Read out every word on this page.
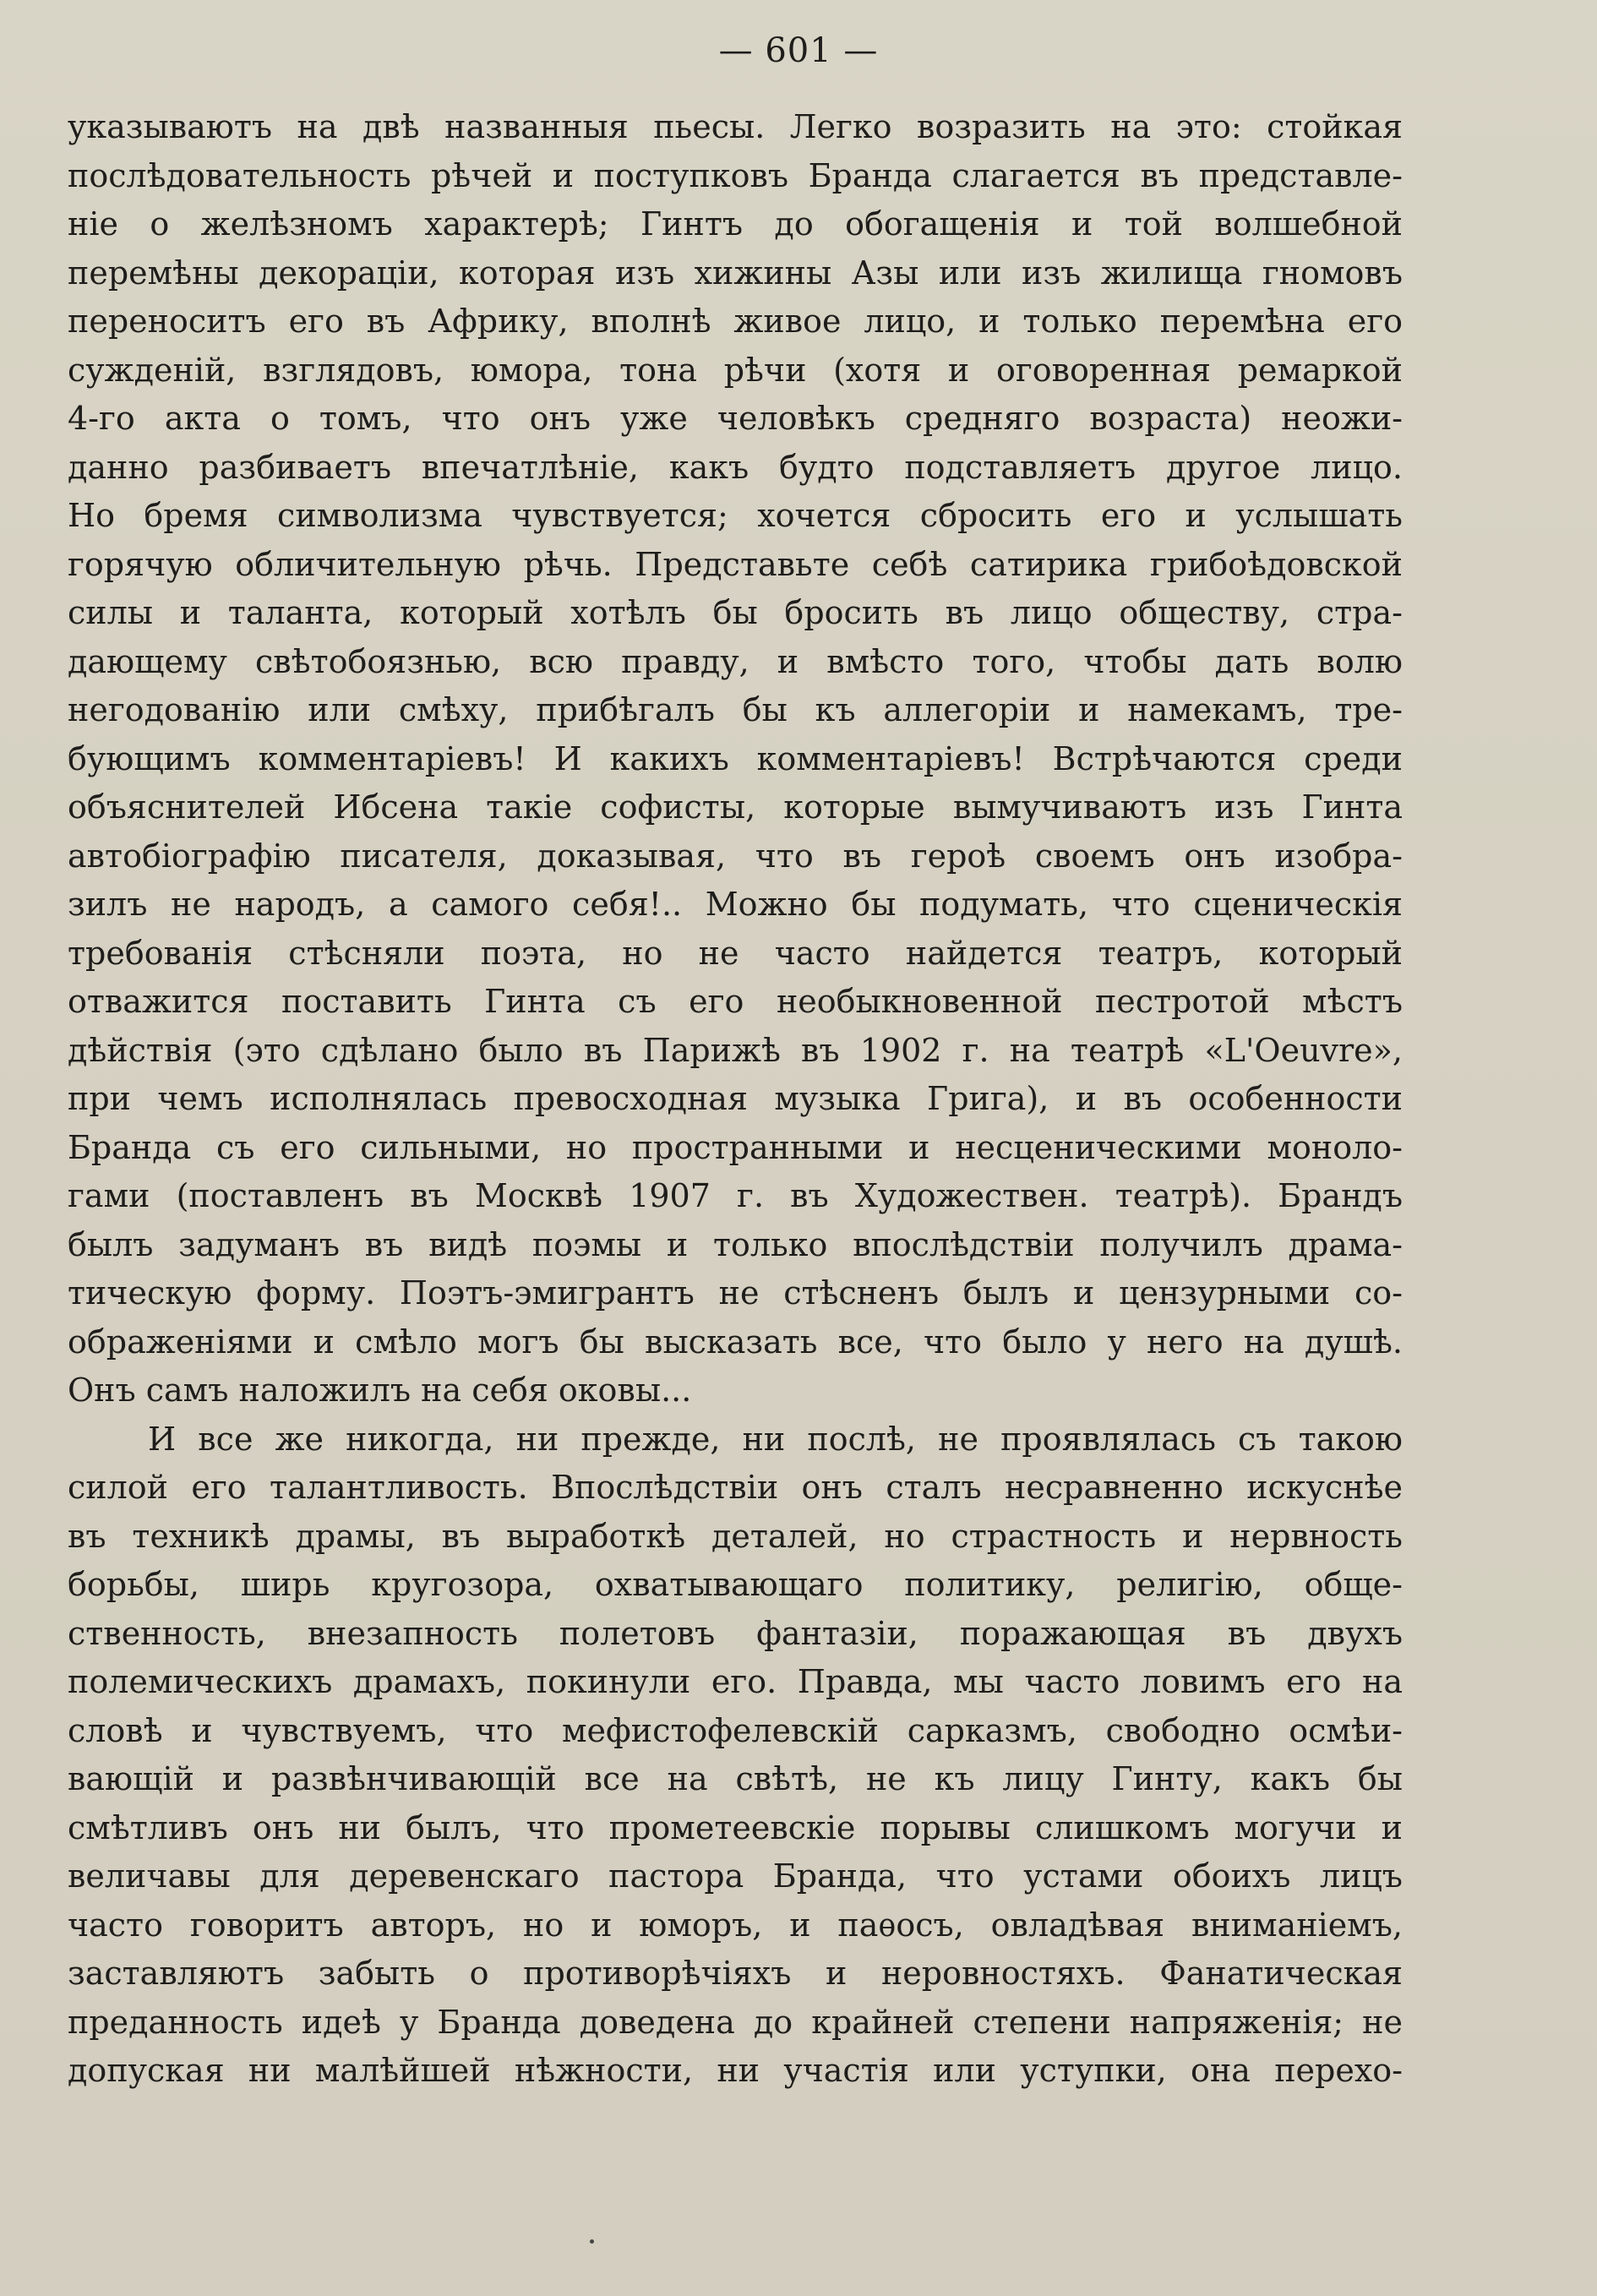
— 601 —
указываютъ на двѣ названныя пьесы. Легко возразить на это: стойкая
послѣдовательность рѣчей и поступковъ Бранда слагается въ представле-
ніе о желѣзномъ характерѣ; Гинтъ до обогащенія и той волшебной
перемѣны декораціи, которая изъ хижины Азы или изъ жилища гномовъ
переноситъ его въ Африку, вполнѣ живое лицо, и только перемѣна его
сужденій, взглядовъ, юмора, тона рѣчи (хотя и оговоренная ремаркой
4-го акта о томъ, что онъ уже человѣкъ средняго возраста) неожи-
данно разбиваетъ впечатлѣніе, какъ будто подставляетъ другое лицо.
Но бремя символизма чувствуется; хочется сбросить его и услышать
горячую обличительную рѣчь. Представьте себѣ сатирика грибоѣдовской
силы и таланта, который хотѣлъ бы бросить въ лицо обществу, стра-
дающему свѣтобоязнью, всю правду, и вмѣсто того, чтобы дать волю
негодованію или смѣху, прибѣгалъ бы къ аллегоріи и намекамъ, тре-
бующимъ комментаріевъ! И какихъ комментаріевъ! Встрѣчаются среди
объяснителей Ибсена такіе софисты, которые вымучиваютъ изъ Гинта
автобіографію писателя, доказывая, что въ героѣ своемъ онъ изобра-
зилъ не народъ, а самого себя!.. Можно бы подумать, что сценическія
требованія стѣсняли поэта, но не часто найдется театръ, который
отважится поставить Гинта съ его необыкновенной пестротой мѣстъ
дѣйствія (это сдѣлано было въ Парижѣ въ 1902 г. на театрѣ «L'Oeuvre»,
при чемъ исполнялась превосходная музыка Грига), и въ особенности
Бранда съ его сильными, но пространными и несценическими моноло-
гами (поставленъ въ Москвѣ 1907 г. въ Художествен. театрѣ). Брандъ
былъ задуманъ въ видѣ поэмы и только впослѣдствіи получилъ драма-
тическую форму. Поэтъ-эмигрантъ не стѣсненъ былъ и цензурными со-
ображеніями и смѣло могъ бы высказать все, что было у него на душѣ.
Онъ самъ наложилъ на себя оковы...
И все же никогда, ни прежде, ни послѣ, не проявлялась съ такою
силой его талантливость. Впослѣдствіи онъ сталъ несравненно искуснѣе
въ техникѣ драмы, въ выработкѣ деталей, но страстность и нервность
борьбы, ширь кругозора, охватывающаго политику, религію, обще-
ственность, внезапность полетовъ фантазіи, поражающая въ двухъ
полемическихъ драмахъ, покинули его. Правда, мы часто ловимъ его на
словѣ и чувствуемъ, что мефистофелевскій сарказмъ, свободно осмѣи-
вающій и развѣнчивающій все на свѣтѣ, не къ лицу Гинту, какъ бы
смѣтливъ онъ ни былъ, что прометеевскіе порывы слишкомъ могучи и
величавы для деревенскаго пастора Бранда, что устами обоихъ лицъ
часто говоритъ авторъ, но и юморъ, и паѳосъ, овладѣвая вниманіемъ,
заставляютъ забыть о противорѣчіяхъ и неровностяхъ. Фанатическая
преданность идеѣ у Бранда доведена до крайней степени напряженія; не
допуская ни малѣйшей нѣжности, ни участія или уступки, она перехо-
